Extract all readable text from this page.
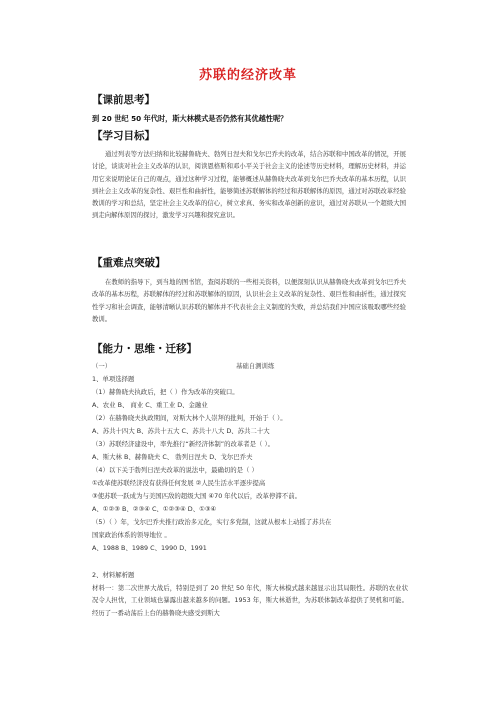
苏联的经济改革
【课前思考】
到 20 世纪 50 年代时，斯大林模式是否仍然有其优越性呢？
【学习目标】
通过列表等方法归纳和比较赫鲁晓夫、勃列日涅夫和戈尔巴乔夫的改革，结合苏联和中国改革的情况，开展讨论，谈谈对社会主义改革的认识，阅读恩格斯和邓小平关于社会主义的论述等历史材料，理解历史材料，并运用它来说明论证自己的观点，通过这种学习过程，能够概述从赫鲁晓夫改革到戈尔巴乔夫改革的基本历程，认识到社会主义改革的复杂性、艰巨性和曲折性，能够简述苏联解体的经过和苏联解体的原因，通过对苏联改革经验教训的学习和总结，坚定社会主义改革的信心，树立求真、务实和改革创新的意识，通过对苏联从一个超级大国到走向解体原因的探讨，激发学习兴趣和探究意识。
【重难点突破】
在教师的指导下，到当地的图书馆，查阅苏联的一些相关资料，以便深刻认识从赫鲁晓夫改革到戈尔巴乔夫改革的基本历程，苏联解体的经过和苏联解体的原因，认识社会主义改革的复杂性、艰巨性和曲折性，通过探究性学习和社会调查，能够清晰认识苏联的解体并不代表社会主义制度的失败，并总结我们中国应该吸取哪些经验教训。
【能力・思维・迁移】
（一）	基础自测训练
1、单项选择题
（1）赫鲁晓夫执政后，把（ ）作为改革的突破口。
A、农业 B、 商业 C、重工业 D、金融业
（2）在赫鲁晓夫执政期间，对斯大林个人崇拜的批判，开始于（ ）。
A、苏共十四大 B、苏共十五大 C、苏共十八大 D、苏共二十大
（3）苏联经济建设中，率先推行“新经济体制”的改革者是（ ）。
A、斯大林 B、赫鲁晓夫 C、 勃列日涅夫 D、戈尔巴乔夫
（4）以下关于勃列日涅夫改革的说法中，最确切的是（ ）
①改革使苏联经济没有获得任何发展 ②人民生活水平逐步提高
③使苏联一跃成为与美国匹敌的超级大国 ④70 年代以后，改革停滞不前。
A、①②③ B、②③④ C、①②③④ D、①③④
（5）（ ）年，戈尔巴乔夫推行政治多元化，实行多党制，这就从根本上动摇了苏共在
国家政治体系的领导地位 。
A、1988 B、1989 C、1990 D、1991
2、材料解析题
材料一：第二次世界大战后，特别是到了 20 世纪 50 年代，斯大林模式越来越显示出其局限性。苏联的农业状况令人担忧，工业领域也暴露出越来越多的问题。1953 年，斯大林逝世，为苏联体制改革提供了契机和可能。经历了一番动荡后上台的赫鲁晓夫感受到斯大
